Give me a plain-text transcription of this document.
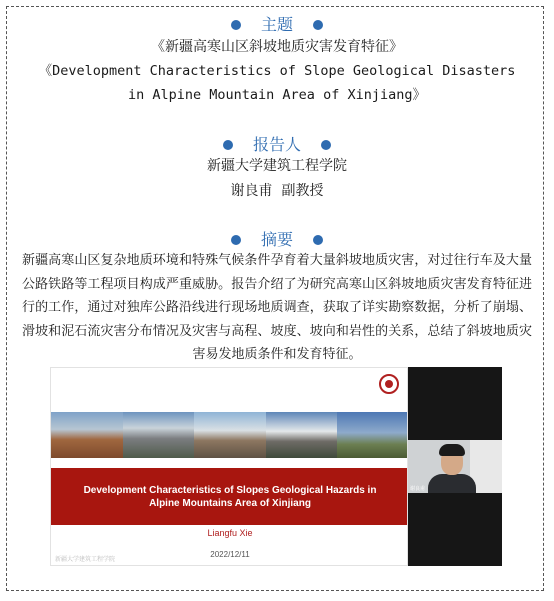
主题
《新疆高寒山区斜坡地质灾害发育特征》
《Development Characteristics of Slope Geological Disasters
in Alpine Mountain Area of Xinjiang》
报告人
新疆大学建筑工程学院
谢良甫  副教授
摘要
新疆高寒山区复杂地质环境和特殊气候条件孕育着大量斜坡地质灾害，对过往行车及大量公路铁路等工程项目构成严重威胁。报告介绍了为研究高寒山区斜坡地质灾害发育特征进行的工作，通过对独库公路沿线进行现场地质调查，获取了详实勘察数据，分析了崩塌、滑坡和泥石流灾害分布情况及灾害与高程、坡度、坡向和岩性的关系，总结了斜坡地质灾害易发地质条件和发育特征。
Development Characteristics of Slopes Geological Hazards in
Alpine Mountains Area of Xinjiang
Liangfu Xie
2022/12/11
新疆大学建筑工程学院
谢良甫
